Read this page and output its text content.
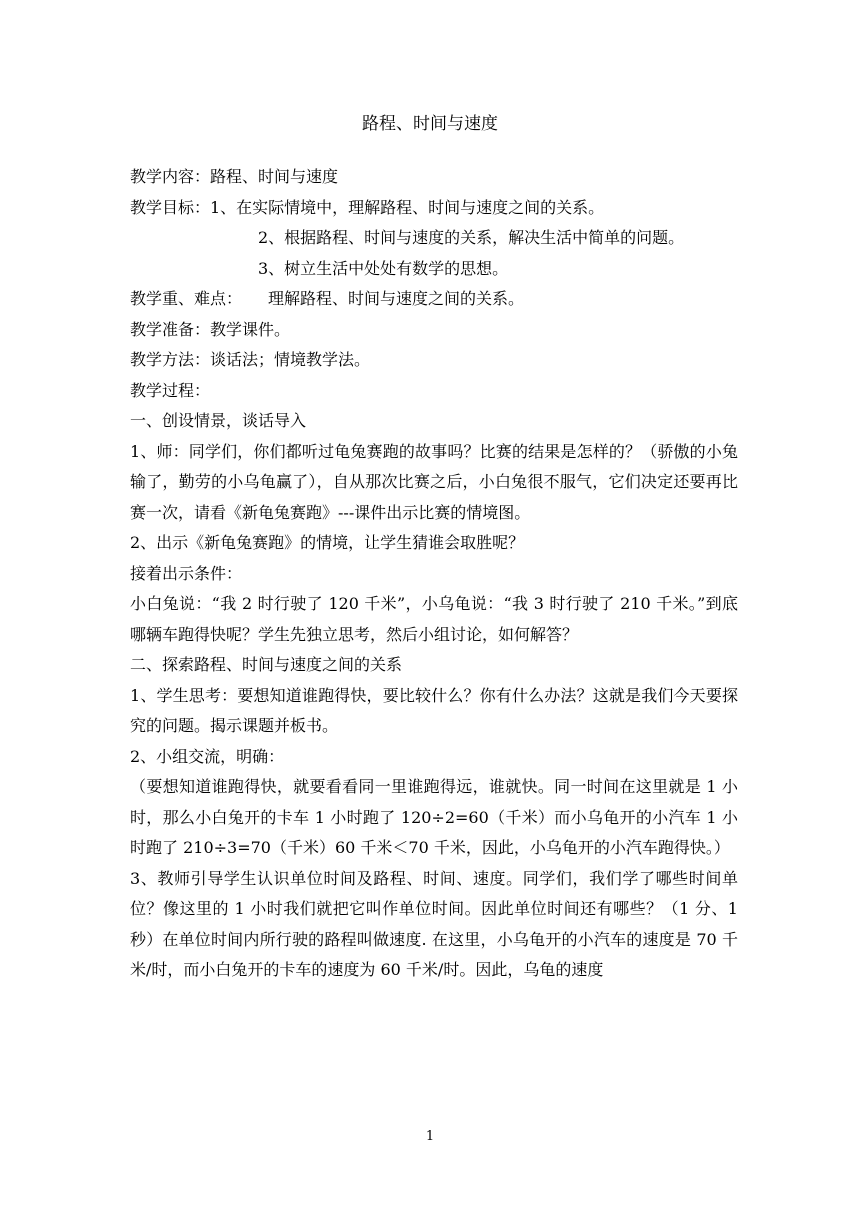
路程、时间与速度

教学内容：路程、时间与速度

教学目标：1、在实际情境中，理解路程、时间与速度之间的关系。

2、根据路程、时间与速度的关系，解决生活中简单的问题。

3、树立生活中处处有数学的思想。

教学重、难点： 理解路程、时间与速度之间的关系。

教学准备：教学课件。

教学方法：谈话法；情境教学法。

教学过程：

一、创设情景，谈话导入

1、师：同学们，你们都听过龟兔赛跑的故事吗？比赛的结果是怎样的？（骄傲的小兔输了，勤劳的小乌龟赢了），自从那次比赛之后，小白兔很不服气，它们决定还要再比赛一次，请看《新龟兔赛跑》---课件出示比赛的情境图。

2、出示《新龟兔赛跑》的情境，让学生猜谁会取胜呢？

接着出示条件：

小白兔说：“我 2 时行驶了 120 千米”，小乌龟说：“我 3 时行驶了 210 千米。”到底哪辆车跑得快呢？学生先独立思考，然后小组讨论，如何解答？

二、探索路程、时间与速度之间的关系

1、学生思考：要想知道谁跑得快，要比较什么？你有什么办法？这就是我们今天要探究的问题。揭示课题并板书。

2、小组交流，明确：

（要想知道谁跑得快，就要看看同一里谁跑得远，谁就快。同一时间在这里就是 1 小时，那么小白兔开的卡车 1 小时跑了 120÷2=60（千米）而小乌龟开的小汽车 1 小时跑了 210÷3=70（千米）60 千米＜70 千米，因此，小乌龟开的小汽车跑得快。）

3、教师引导学生认识单位时间及路程、时间、速度。同学们，我们学了哪些时间单位？像这里的 1 小时我们就把它叫作单位时间。因此单位时间还有哪些？（1 分、1 秒）在单位时间内所行驶的路程叫做速度. 在这里，小乌龟开的小汽车的速度是 70 千米/时，而小白兔开的卡车的速度为 60 千米/时。因此，乌龟的速度

1
